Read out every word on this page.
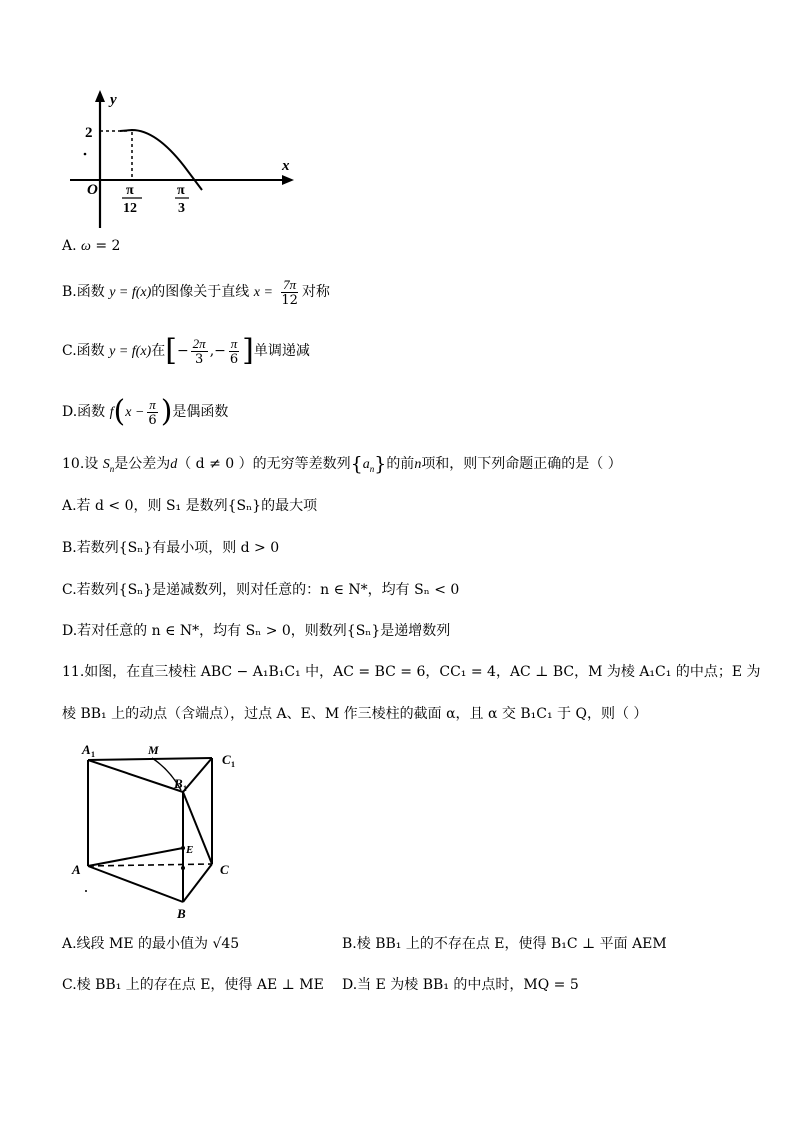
y
x
O
2
π
12
π
3
A. ω = 2
B.函数 y = f(x)的图像关于直线 $x = \frac{7\pi}{12}$ 对称
C.函数 y = f(x)在[− $\frac{2\pi}{3}$ ,− $\frac{\pi}{6}$ ]单调递减
D.函数 $f(x - \frac{\pi}{6}$ )是偶函数
10.设 $S_n$是公差为d（ d ≠ 0 ）的无穷等差数列$\{a_n\}$的前n项和，则下列命题正确的是（ ）
A.若 d < 0，则 S₁ 是数列{Sₙ}的最大项
B.若数列{Sₙ}有最小项，则 d > 0
C.若数列{Sₙ}是递减数列，则对任意的：n ∈ N*，均有 Sₙ < 0
D.若对任意的 n ∈ N*，均有 Sₙ > 0，则数列{Sₙ}是递增数列
11.如图，在直三棱柱 ABC − A₁B₁C₁ 中，AC = BC = 6，CC₁ = 4，AC ⊥ BC，M 为棱 A₁C₁ 的中点；E 为
棱 BB₁ 上的动点（含端点），过点 A、E、M 作三棱柱的截面 α，且 α 交 B₁C₁ 于 Q，则（ ）
A 1	M
B 1
C 1
E
A	C
B
A.线段 ME 的最小值为 √45	B.棱 BB₁ 上的不存在点 E，使得 B₁C ⊥ 平面 AEM
C.棱 BB₁ 上的存在点 E，使得 AE ⊥ ME D.当 E 为棱 BB₁ 的中点时，MQ = 5
